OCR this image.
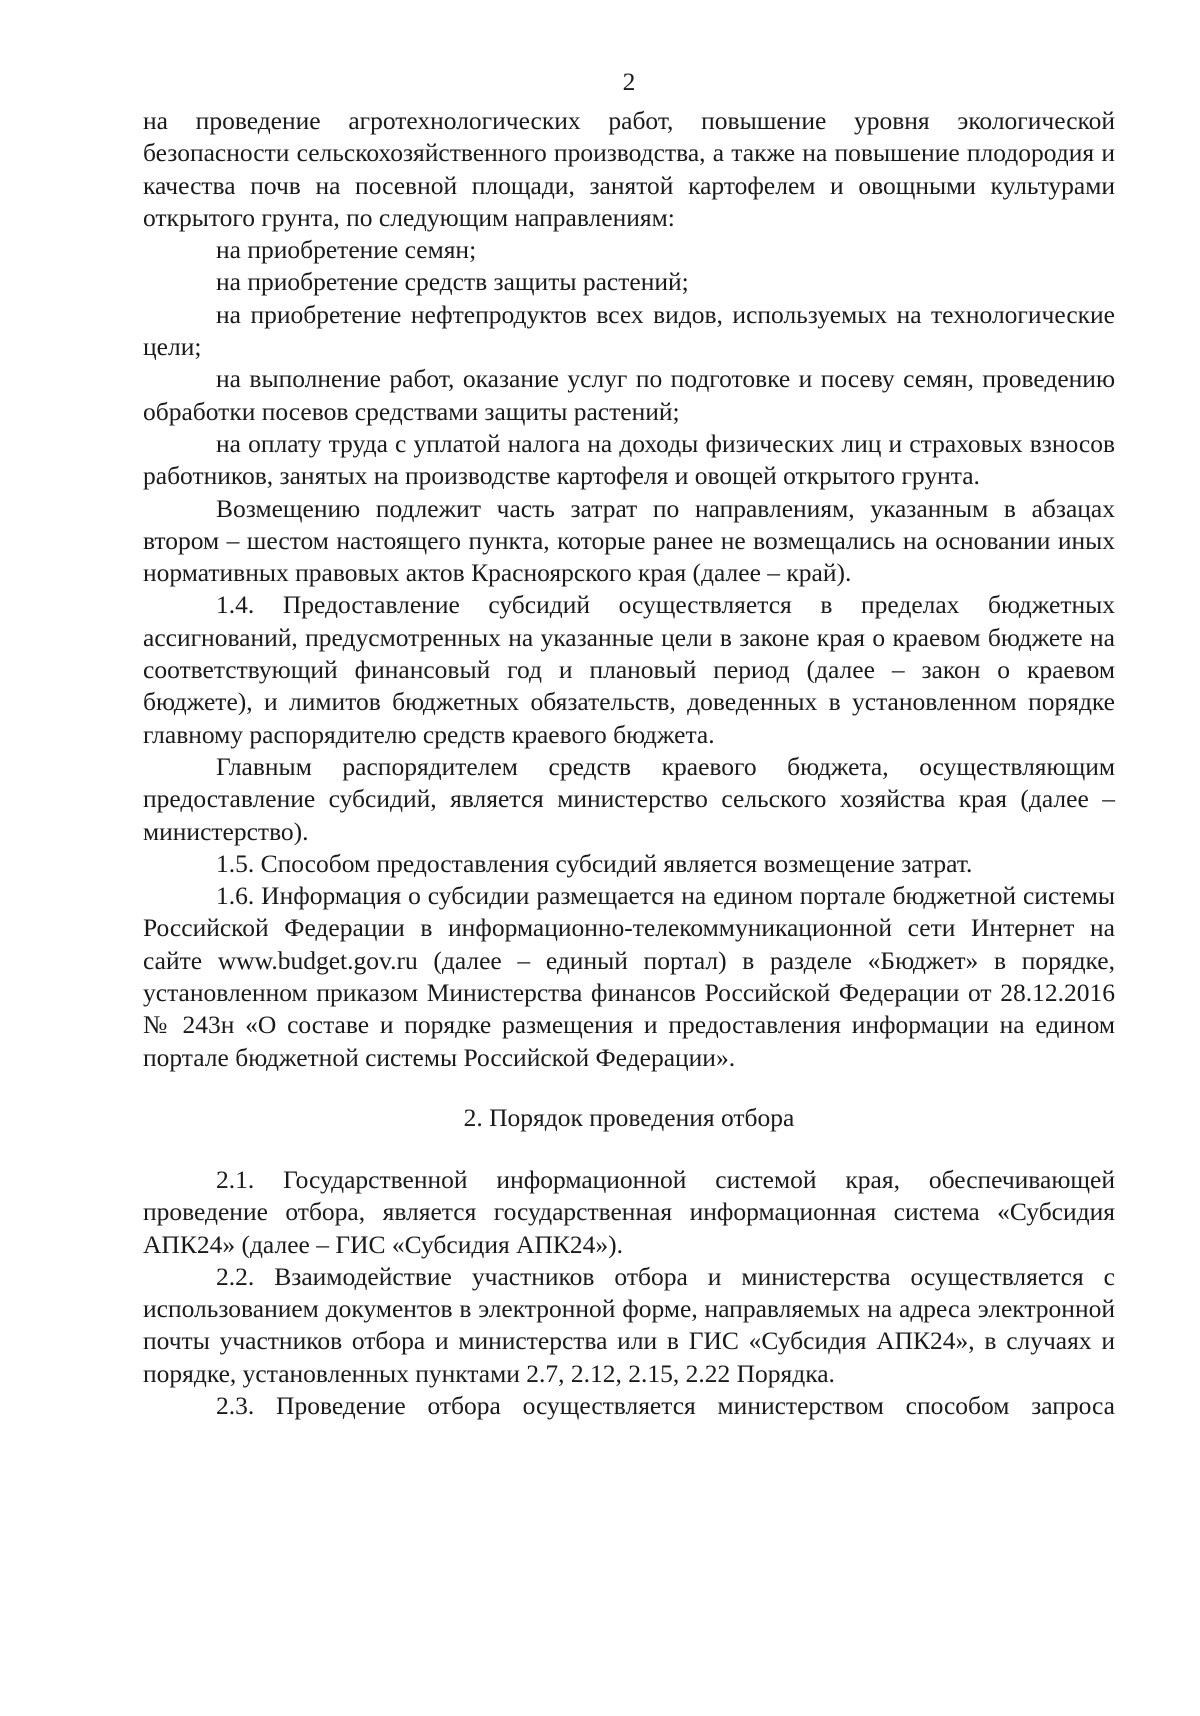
2

на проведение агротехнологических работ, повышение уровня экологической безопасности сельскохозяйственного производства, а также на повышение плодородия и качества почв на посевной площади, занятой картофелем и овощными культурами открытого грунта, по следующим направлениям:

на приобретение семян;

на приобретение средств защиты растений;

на приобретение нефтепродуктов всех видов, используемых на технологические цели;

на выполнение работ, оказание услуг по подготовке и посеву семян, проведению обработки посевов средствами защиты растений;

на оплату труда с уплатой налога на доходы физических лиц и страховых взносов работников, занятых на производстве картофеля и овощей открытого грунта.

Возмещению подлежит часть затрат по направлениям, указанным в абзацах втором – шестом настоящего пункта, которые ранее не возмещались на основании иных нормативных правовых актов Красноярского края (далее – край).

1.4. Предоставление субсидий осуществляется в пределах бюджетных ассигнований, предусмотренных на указанные цели в законе края о краевом бюджете на соответствующий финансовый год и плановый период (далее – закон о краевом бюджете), и лимитов бюджетных обязательств, доведенных в установленном порядке главному распорядителю средств краевого бюджета.

Главным распорядителем средств краевого бюджета, осуществляющим предоставление субсидий, является министерство сельского хозяйства края (далее – министерство).

1.5. Способом предоставления субсидий является возмещение затрат.

1.6. Информация о субсидии размещается на едином портале бюджетной системы Российской Федерации в информационно-телекоммуникационной сети Интернет на сайте www.budget.gov.ru (далее – единый портал) в разделе «Бюджет» в порядке, установленном приказом Министерства финансов Российской Федерации от 28.12.2016 № 243н «О составе и порядке размещения и предоставления информации на едином портале бюджетной системы Российской Федерации».

2. Порядок проведения отбора

2.1. Государственной информационной системой края, обеспечивающей проведение отбора, является государственная информационная система «Субсидия АПК24» (далее – ГИС «Субсидия АПК24»).

2.2. Взаимодействие участников отбора и министерства осуществляется с использованием документов в электронной форме, направляемых на адреса электронной почты участников отбора и министерства или в ГИС «Субсидия АПК24», в случаях и порядке, установленных пунктами 2.7, 2.12, 2.15, 2.22 Порядка.

2.3. Проведение отбора осуществляется министерством способом запроса
